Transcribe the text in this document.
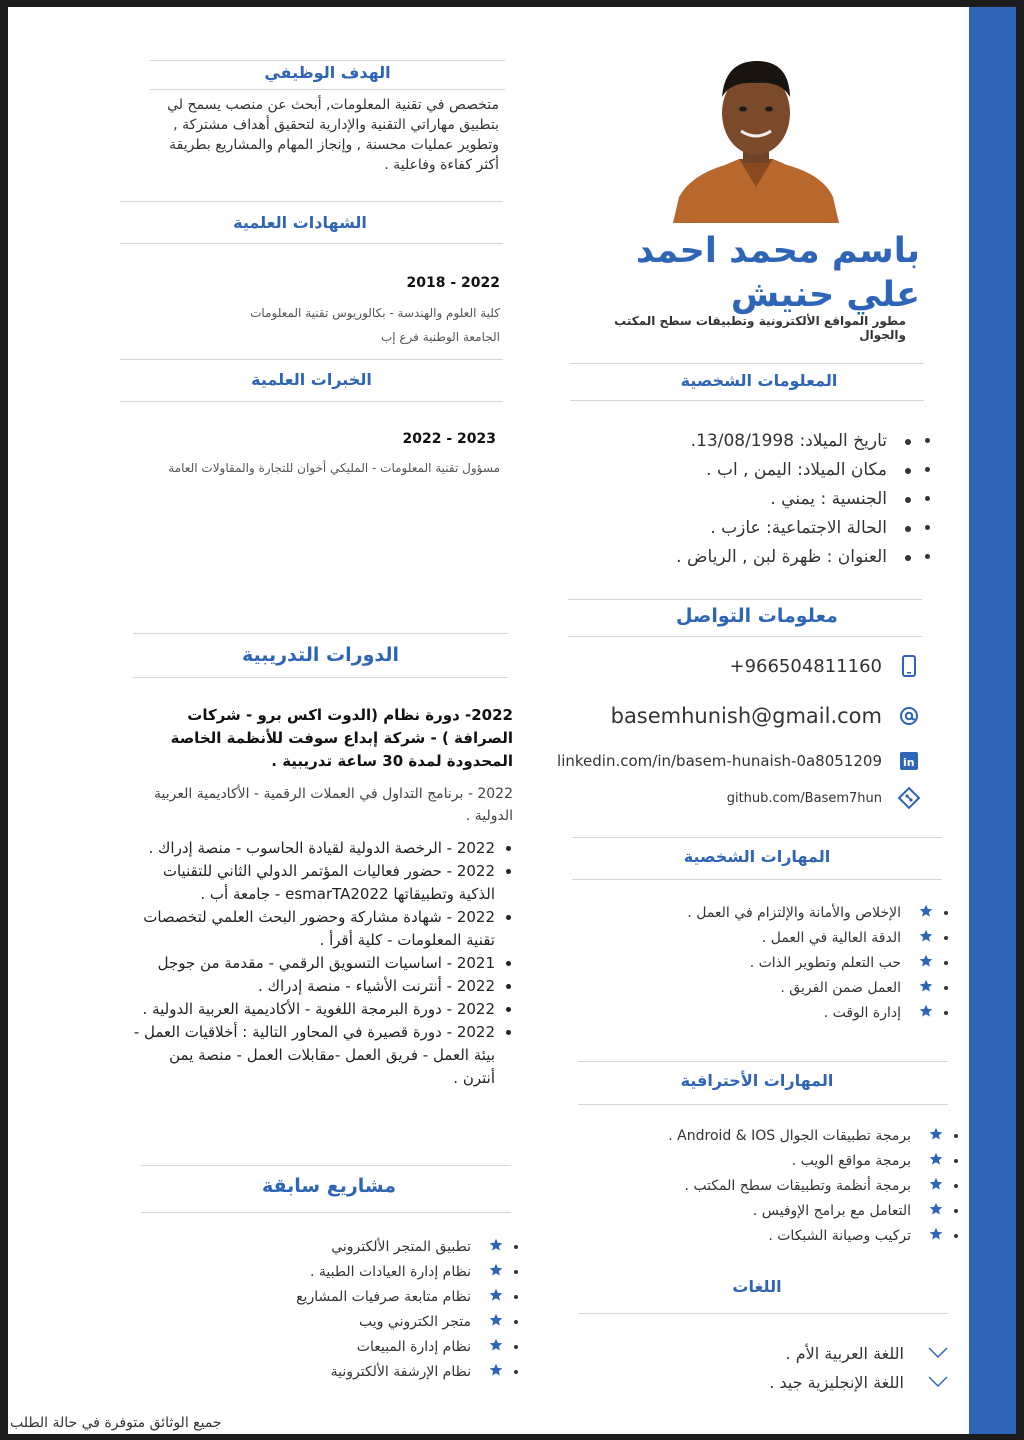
باسم محمد احمد علي حنيش
مطور المواقع الألكترونية وتطبيقات سطح المكتب والجوال
المعلومات الشخصية
• تاريخ الميلاد: 13/08/1998.
• مكان الميلاد: اليمن , اب .
• الجنسية : يمني .
• الحالة الاجتماعية: عازب .
• العنوان : ظهرة لبن , الرياض .
معلومات التواصل
+966504811160
basemhunish@gmail.com
linkedin.com/in/basem-hunaish-0a8051209 in
github.com/Basem7hun
المهارات الشخصية
• الإخلاص والأمانة والإلتزام في العمل .
• الدقة العالية في العمل .
• حب التعلم وتطوير الذات .
• العمل ضمن الفريق .
• إدارة الوقت .
المهارات الأحترافية
• برمجة تطبيقات الجوال Android & IOS .
• برمجة مواقع الويب .
• برمجة أنظمة وتطبيقات سطح المكتب .
• التعامل مع برامج الإوفيس .
• تركيب وصيانة الشبكات .
اللغات
اللغة العربية الأم .
اللغة الإنجليزية جيد .
الهدف الوظيفي
متخصص في تقنية المعلومات, أبحث عن منصب يسمح لي بتطبيق مهاراتي التقنية والإدارية لتحقيق أهداف مشتركة , وتطوير عمليات محسنة , وإنجاز المهام والمشاريع بطريقة أكثر كفاءة وفاعلية .
الشهادات العلمية
2018 - 2022
كلية العلوم والهندسة - بكالوريوس تقنية المعلومات
الجامعة الوطنية فرع إب
الخبرات العلمية
2022 - 2023
مسؤول تقنية المعلومات - المليكي أخوان للتجارة والمقاولات العامة
الدورات التدريبية
2022- دورة نظام (الدوت اكس برو - شركات الصرافة ) - شركة إبداع سوفت للأنظمة الخاصة المحدودة لمدة 30 ساعة تدريبية .
2022 - برنامج التداول في العملات الرقمية - الأكاديمية العربية الدولية .
• 2022 - الرخصة الدولية لقيادة الحاسوب - منصة إدراك .
• 2022 - حضور فعاليات المؤتمر الدولي الثاني للتقنيات الذكية وتطبيقاتها esmarTA2022 - جامعة أب .
• 2022 - شهادة مشاركة وحضور البحث العلمي لتخصصات تقنية المعلومات - كلية أقرأ .
• 2021 - اساسيات التسويق الرقمي - مقدمة من جوجل
• 2022 - أنترنت الأشياء - منصة إدراك .
• 2022 - دورة البرمجة اللغوية - الأكاديمية العربية الدولية .
• 2022 - دورة قصيرة في المحاور التالية : أخلاقيات العمل - بيئة العمل - فريق العمل -مقابلات العمل - منصة يمن أنترن .
مشاريع سابقة
• تطبيق المتجر الألكتروني
• نظام إدارة العيادات الطبية .
• نظام متابعة صرفيات المشاريع
• متجر الكتروني ويب
• نظام إدارة المبيعات
• نظام الإرشفة الألكترونية
جميع الوثائق متوفرة في حالة الطلب
